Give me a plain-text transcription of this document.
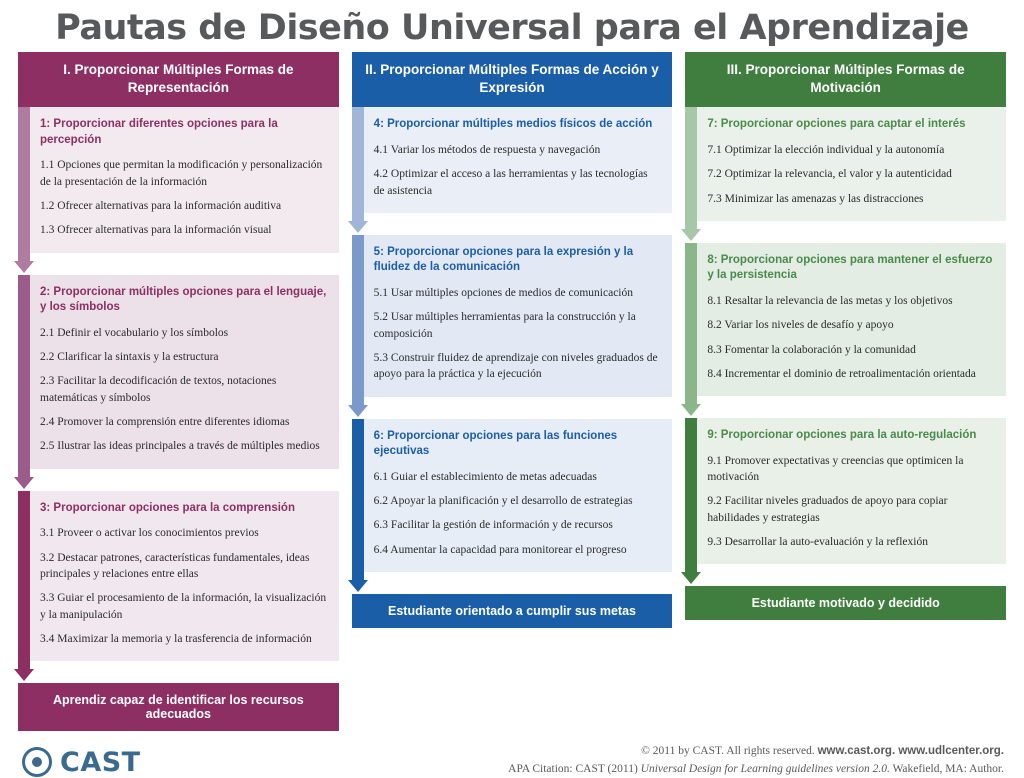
Pautas de Diseño Universal para el Aprendizaje
I. Proporcionar Múltiples Formas de Representación
1: Proporcionar diferentes opciones para la percepción
1.1 Opciones que permitan la modificación y personalización de la presentación de la información
1.2 Ofrecer alternativas para la información auditiva
1.3 Ofrecer alternativas para la información visual
2: Proporcionar múltiples opciones para el lenguaje, y los símbolos
2.1 Definir el vocabulario y los símbolos
2.2 Clarificar la sintaxis y la estructura
2.3 Facilitar la decodificación de textos, notaciones matemáticas y símbolos
2.4 Promover la comprensión entre diferentes idiomas
2.5 Ilustrar las ideas principales a través de múltiples medios
3: Proporcionar opciones para la comprensión
3.1 Proveer o activar los conocimientos previos
3.2 Destacar patrones, características fundamentales, ideas principales y relaciones entre ellas
3.3 Guiar el procesamiento de la información, la visualización y la manipulación
3.4 Maximizar la memoria y la trasferencia de información
Aprendiz capaz de identificar los recursos adecuados
II. Proporcionar Múltiples Formas de Acción y Expresión
4: Proporcionar múltiples medios físicos de acción
4.1 Variar los métodos de respuesta y navegación
4.2 Optimizar el acceso a las herramientas y las tecnologías de asistencia
5: Proporcionar opciones para la expresión y la fluidez de la comunicación
5.1 Usar múltiples opciones de medios de comunicación
5.2 Usar múltiples herramientas para la construcción y la composición
5.3 Construir fluidez de aprendizaje con niveles graduados de apoyo para la práctica y la ejecución
6: Proporcionar opciones para las funciones ejecutivas
6.1 Guiar el establecimiento de metas adecuadas
6.2 Apoyar la planificación y el desarrollo de estrategias
6.3 Facilitar la gestión de información y de recursos
6.4 Aumentar la capacidad para monitorear el progreso
Estudiante orientado a cumplir sus metas
III. Proporcionar Múltiples Formas de Motivación
7: Proporcionar opciones para captar el interés
7.1 Optimizar la elección individual y la autonomía
7.2 Optimizar la relevancia, el valor y la autenticidad
7.3 Minimizar las amenazas y las distracciones
8: Proporcionar opciones para mantener el esfuerzo y la persistencia
8.1 Resaltar la relevancia de las metas y los objetivos
8.2 Variar los niveles de desafío y apoyo
8.3 Fomentar la colaboración y la comunidad
8.4 Incrementar el dominio de retroalimentación orientada
9: Proporcionar opciones para la auto-regulación
9.1 Promover expectativas y creencias que optimicen la motivación
9.2 Facilitar niveles graduados de apoyo para copiar habilidades y estrategias
9.3 Desarrollar la auto-evaluación y la reflexión
Estudiante motivado y decidido
CAST	© 2011 by CAST. All rights reserved. www.cast.org. www.udlcenter.org.
APA Citation: CAST (2011) Universal Design for Learning guidelines version 2.0. Wakefield, MA: Author.
